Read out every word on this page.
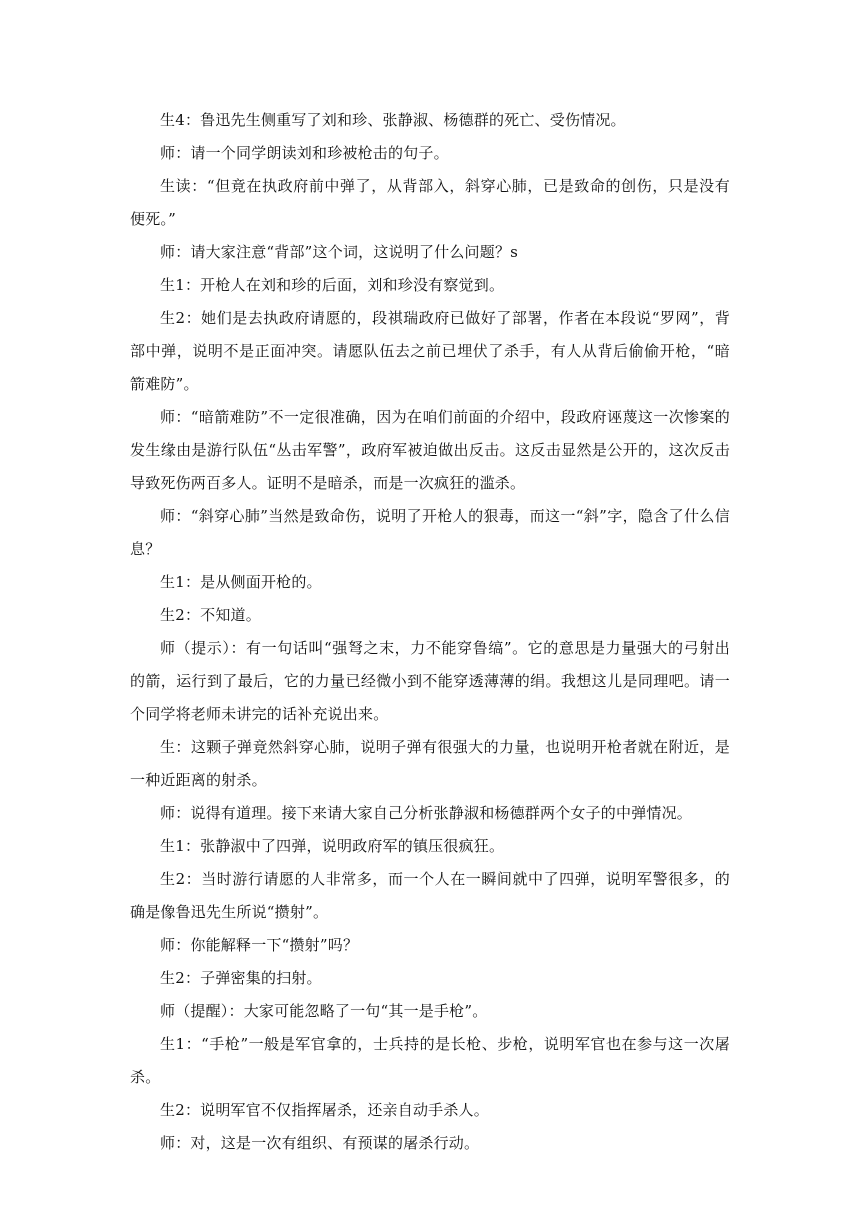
生4：鲁迅先生侧重写了刘和珍、张静淑、杨德群的死亡、受伤情况。

师：请一个同学朗读刘和珍被枪击的句子。

生读：“但竟在执政府前中弹了，从背部入，斜穿心肺，已是致命的创伤，只是没有便死。”

师：请大家注意“背部”这个词，这说明了什么问题？s

生1：开枪人在刘和珍的后面，刘和珍没有察觉到。

生2：她们是去执政府请愿的，段祺瑞政府已做好了部署，作者在本段说“罗网”，背部中弹，说明不是正面冲突。请愿队伍去之前已埋伏了杀手，有人从背后偷偷开枪，“暗箭难防”。

师：“暗箭难防”不一定很准确，因为在咱们前面的介绍中，段政府诬蔑这一次惨案的发生缘由是游行队伍“丛击军警”，政府军被迫做出反击。这反击显然是公开的，这次反击导致死伤两百多人。证明不是暗杀，而是一次疯狂的滥杀。

师：“斜穿心肺”当然是致命伤，说明了开枪人的狠毒，而这一“斜”字，隐含了什么信息？

生1：是从侧面开枪的。

生2：不知道。

师（提示）：有一句话叫“强弩之末，力不能穿鲁缟”。它的意思是力量强大的弓射出的箭，运行到了最后，它的力量已经微小到不能穿透薄薄的绢。我想这儿是同理吧。请一个同学将老师未讲完的话补充说出来。

生：这颗子弹竟然斜穿心肺，说明子弹有很强大的力量，也说明开枪者就在附近，是一种近距离的射杀。

师：说得有道理。接下来请大家自己分析张静淑和杨德群两个女子的中弹情况。

生1：张静淑中了四弹，说明政府军的镇压很疯狂。

生2：当时游行请愿的人非常多，而一个人在一瞬间就中了四弹，说明军警很多，的确是像鲁迅先生所说“攒射”。

师：你能解释一下“攒射”吗？

生2：子弹密集的扫射。

师（提醒）：大家可能忽略了一句“其一是手枪”。

生1：“手枪”一般是军官拿的，士兵持的是长枪、步枪，说明军官也在参与这一次屠杀。

生2：说明军官不仅指挥屠杀，还亲自动手杀人。

师：对，这是一次有组织、有预谋的屠杀行动。
